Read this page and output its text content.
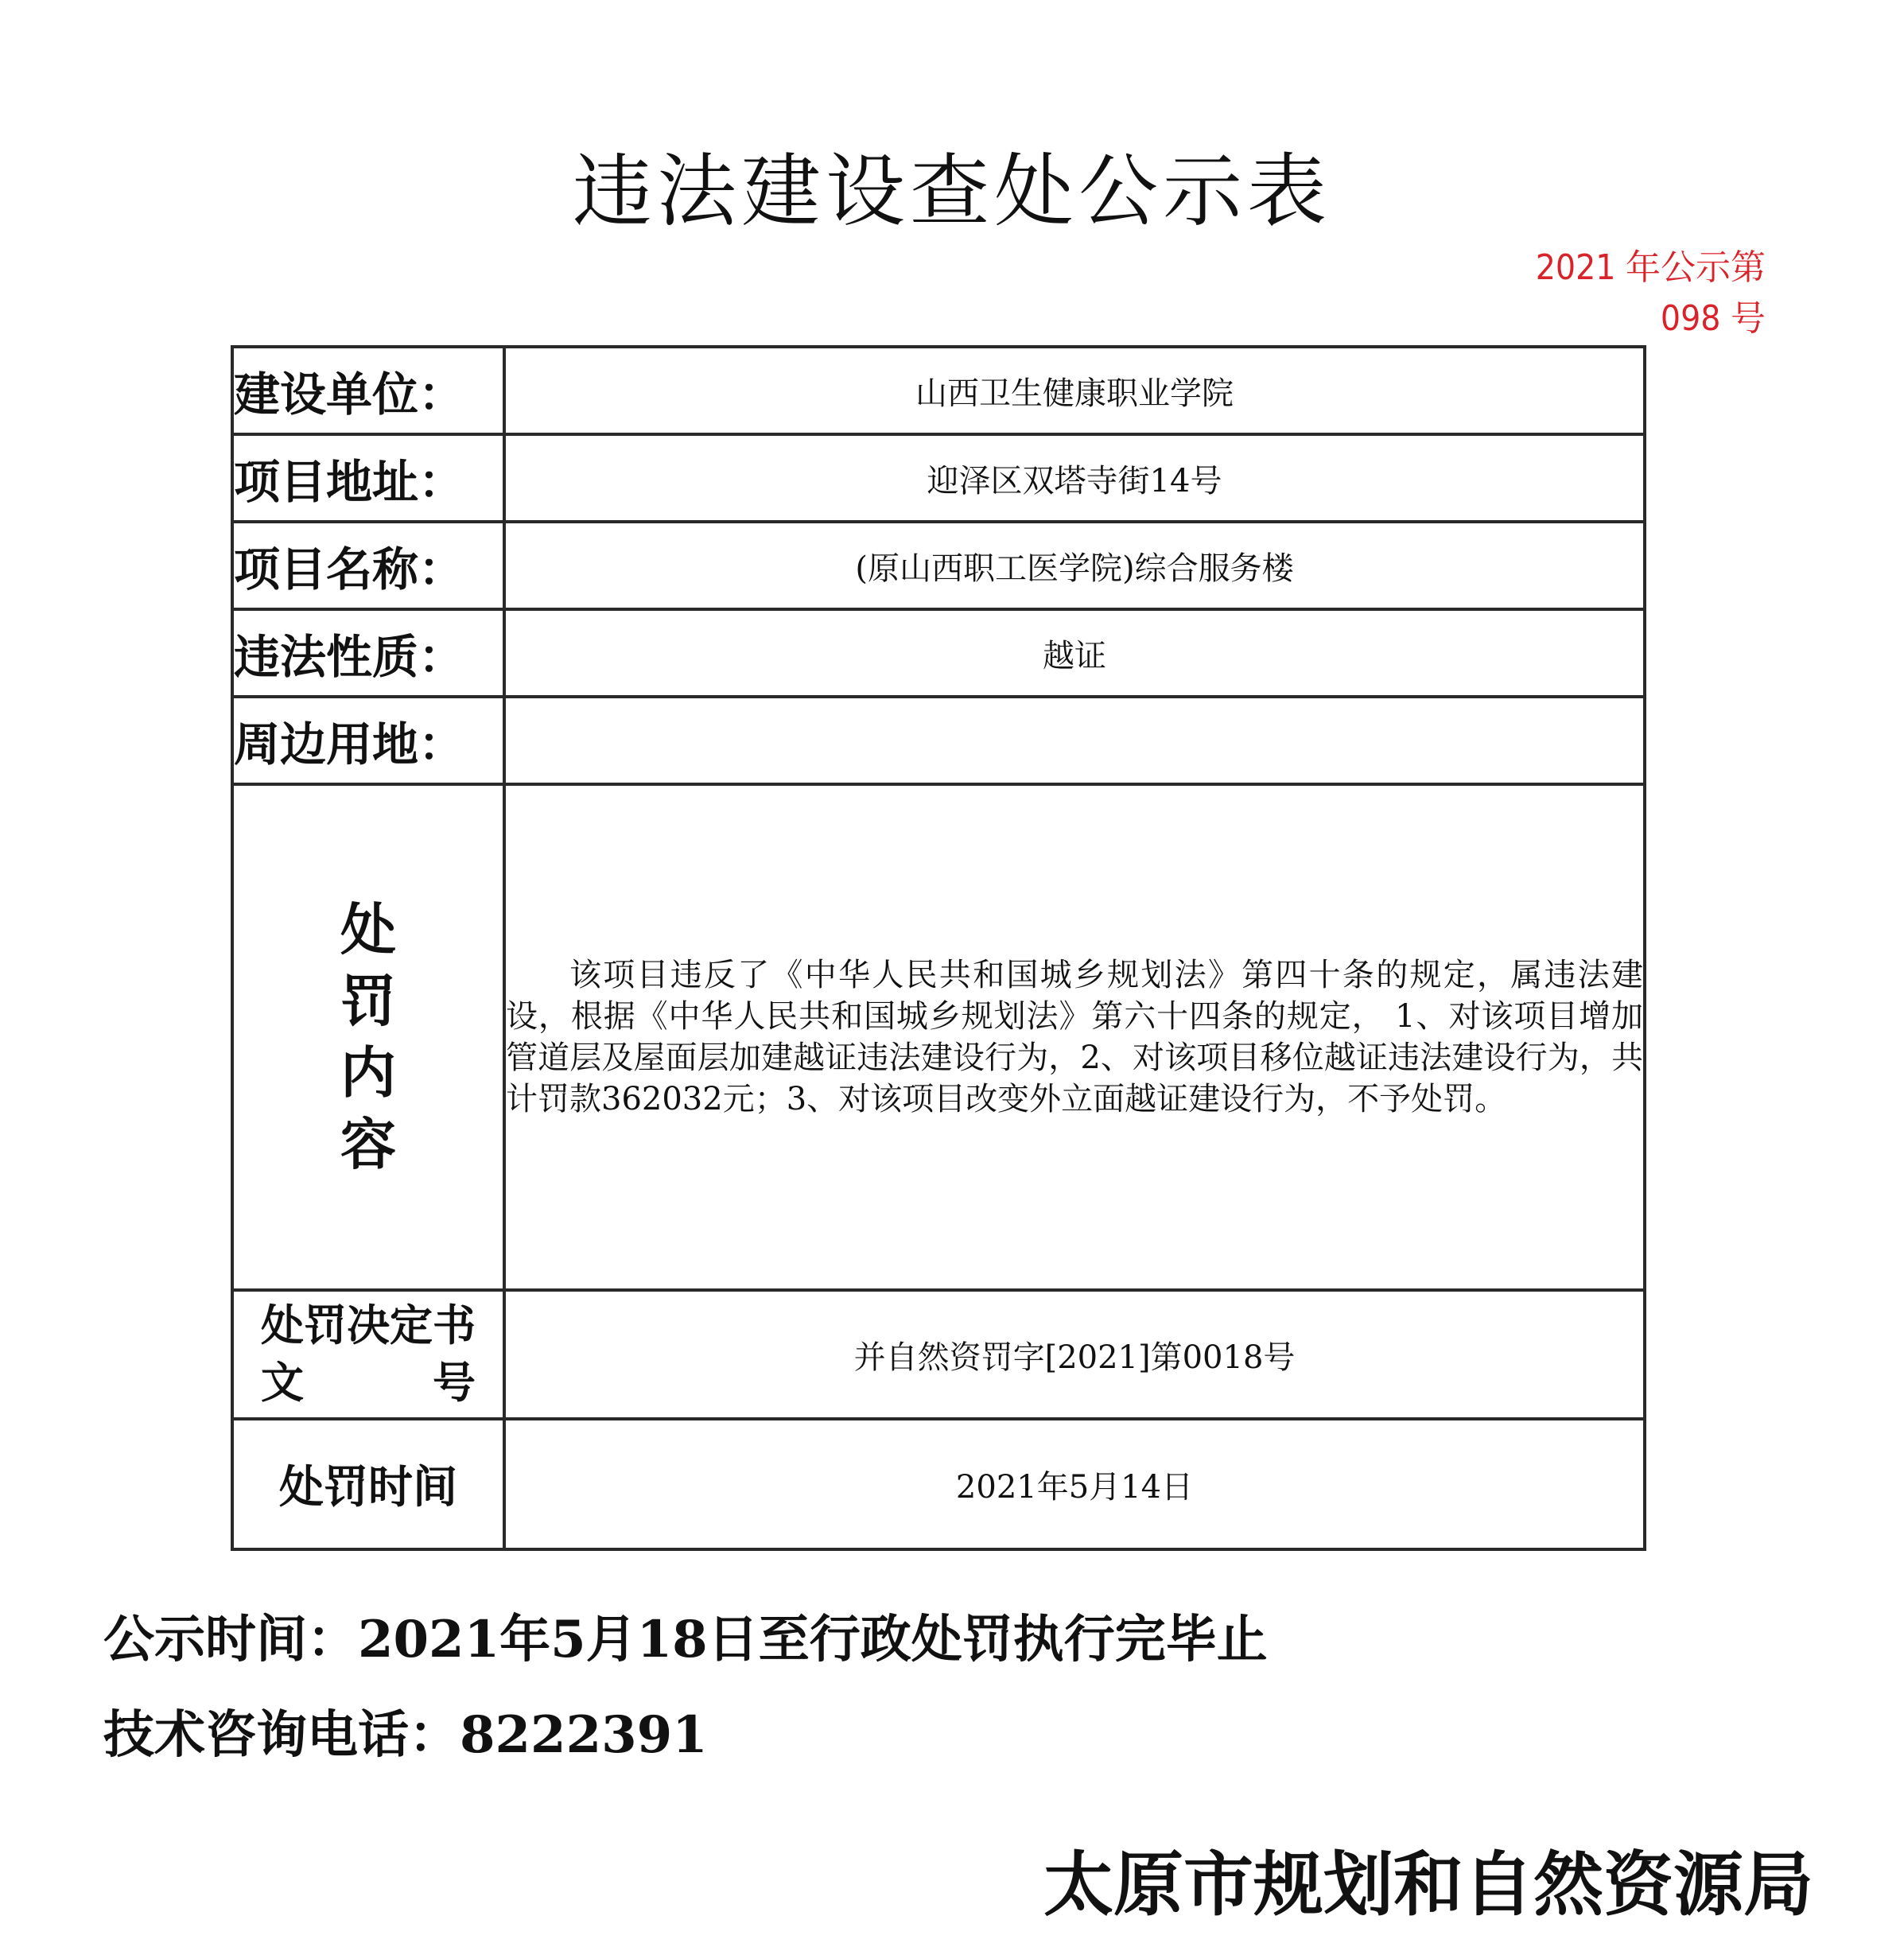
违法建设查处公示表
2021 年公示第 098 号
建设单位：	山西卫生健康职业学院
项目地址：	迎泽区双塔寺街14号
项目名称：	(原山西职工医学院)综合服务楼
违法性质：	越证
周边用地：	
处罚内容	该项目违反了《中华人民共和国城乡规划法》第四十条的规定，属违法建设，根据《中华人民共和国城乡规划法》第六十四条的规定， 1、对该项目增加管道层及屋面层加建越证违法建设行为，2、对该项目移位越证违法建设行为，共计罚款362032元；3、对该项目改变外立面越证建设行为，不予处罚。

处罚决定书
文　　　号	并自然资罚字[2021]第0018号
处罚时间	2021年5月14日
公示时间：2021年5月18日至行政处罚执行完毕止
技术咨询电话：8222391
太原市规划和自然资源局
